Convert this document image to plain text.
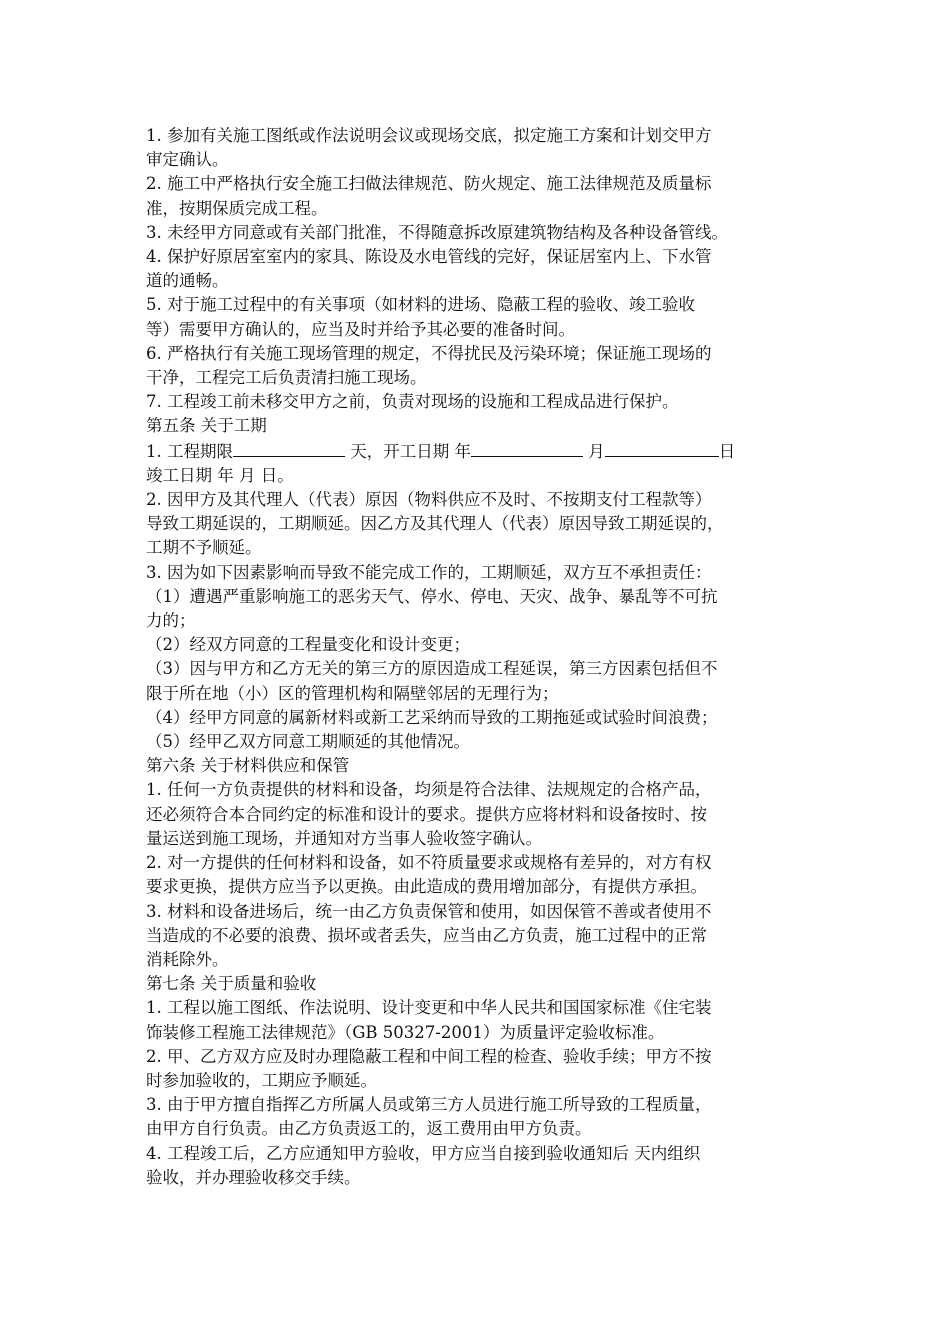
1. 参加有关施工图纸或作法说明会议或现场交底，拟定施工方案和计划交甲方
审定确认。
2. 施工中严格执行安全施工扫做法律规范、防火规定、施工法律规范及质量标
准，按期保质完成工程。
3. 未经甲方同意或有关部门批准，不得随意拆改原建筑物结构及各种设备管线。
4. 保护好原居室室内的家具、陈设及水电管线的完好，保证居室内上、下水管
道的通畅。
5. 对于施工过程中的有关事项（如材料的进场、隐蔽工程的验收、竣工验收
等）需要甲方确认的，应当及时并给予其必要的准备时间。
6. 严格执行有关施工现场管理的规定，不得扰民及污染环境；保证施工现场的
干净，工程完工后负责清扫施工现场。
7. 工程竣工前未移交甲方之前，负责对现场的设施和工程成品进行保护。
第五条 关于工期
1. 工程期限	天，开工日期 年	月	日
竣工日期 年 月 日。
2. 因甲方及其代理人（代表）原因（物料供应不及时、不按期支付工程款等）
导致工期延误的，工期顺延。因乙方及其代理人（代表）原因导致工期延误的，
工期不予顺延。
3. 因为如下因素影响而导致不能完成工作的，工期顺延，双方互不承担责任：
（1）遭遇严重影响施工的恶劣天气、停水、停电、天灾、战争、暴乱等不可抗
力的；
（2）经双方同意的工程量变化和设计变更；
（3）因与甲方和乙方无关的第三方的原因造成工程延误，第三方因素包括但不
限于所在地（小）区的管理机构和隔壁邻居的无理行为；
（4）经甲方同意的属新材料或新工艺采纳而导致的工期拖延或试验时间浪费；
（5）经甲乙双方同意工期顺延的其他情况。
第六条 关于材料供应和保管
1. 任何一方负责提供的材料和设备，均须是符合法律、法规规定的合格产品，
还必须符合本合同约定的标准和设计的要求。提供方应将材料和设备按时、按
量运送到施工现场，并通知对方当事人验收签字确认。
2. 对一方提供的任何材料和设备，如不符质量要求或规格有差异的，对方有权
要求更换，提供方应当予以更换。由此造成的费用增加部分，有提供方承担。
3. 材料和设备进场后，统一由乙方负责保管和使用，如因保管不善或者使用不
当造成的不必要的浪费、损坏或者丢失，应当由乙方负责，施工过程中的正常
消耗除外。
第七条 关于质量和验收
1. 工程以施工图纸、作法说明、设计变更和中华人民共和国国家标准《住宅装
饰装修工程施工法律规范》（GB 50327-2001）为质量评定验收标准。
2. 甲、乙方双方应及时办理隐蔽工程和中间工程的检查、验收手续；甲方不按
时参加验收的，工期应予顺延。
3. 由于甲方擅自指挥乙方所属人员或第三方人员进行施工所导致的工程质量，
由甲方自行负责。由乙方负责返工的，返工费用由甲方负责。
4. 工程竣工后，乙方应通知甲方验收，甲方应当自接到验收通知后 天内组织
验收，并办理验收移交手续。
